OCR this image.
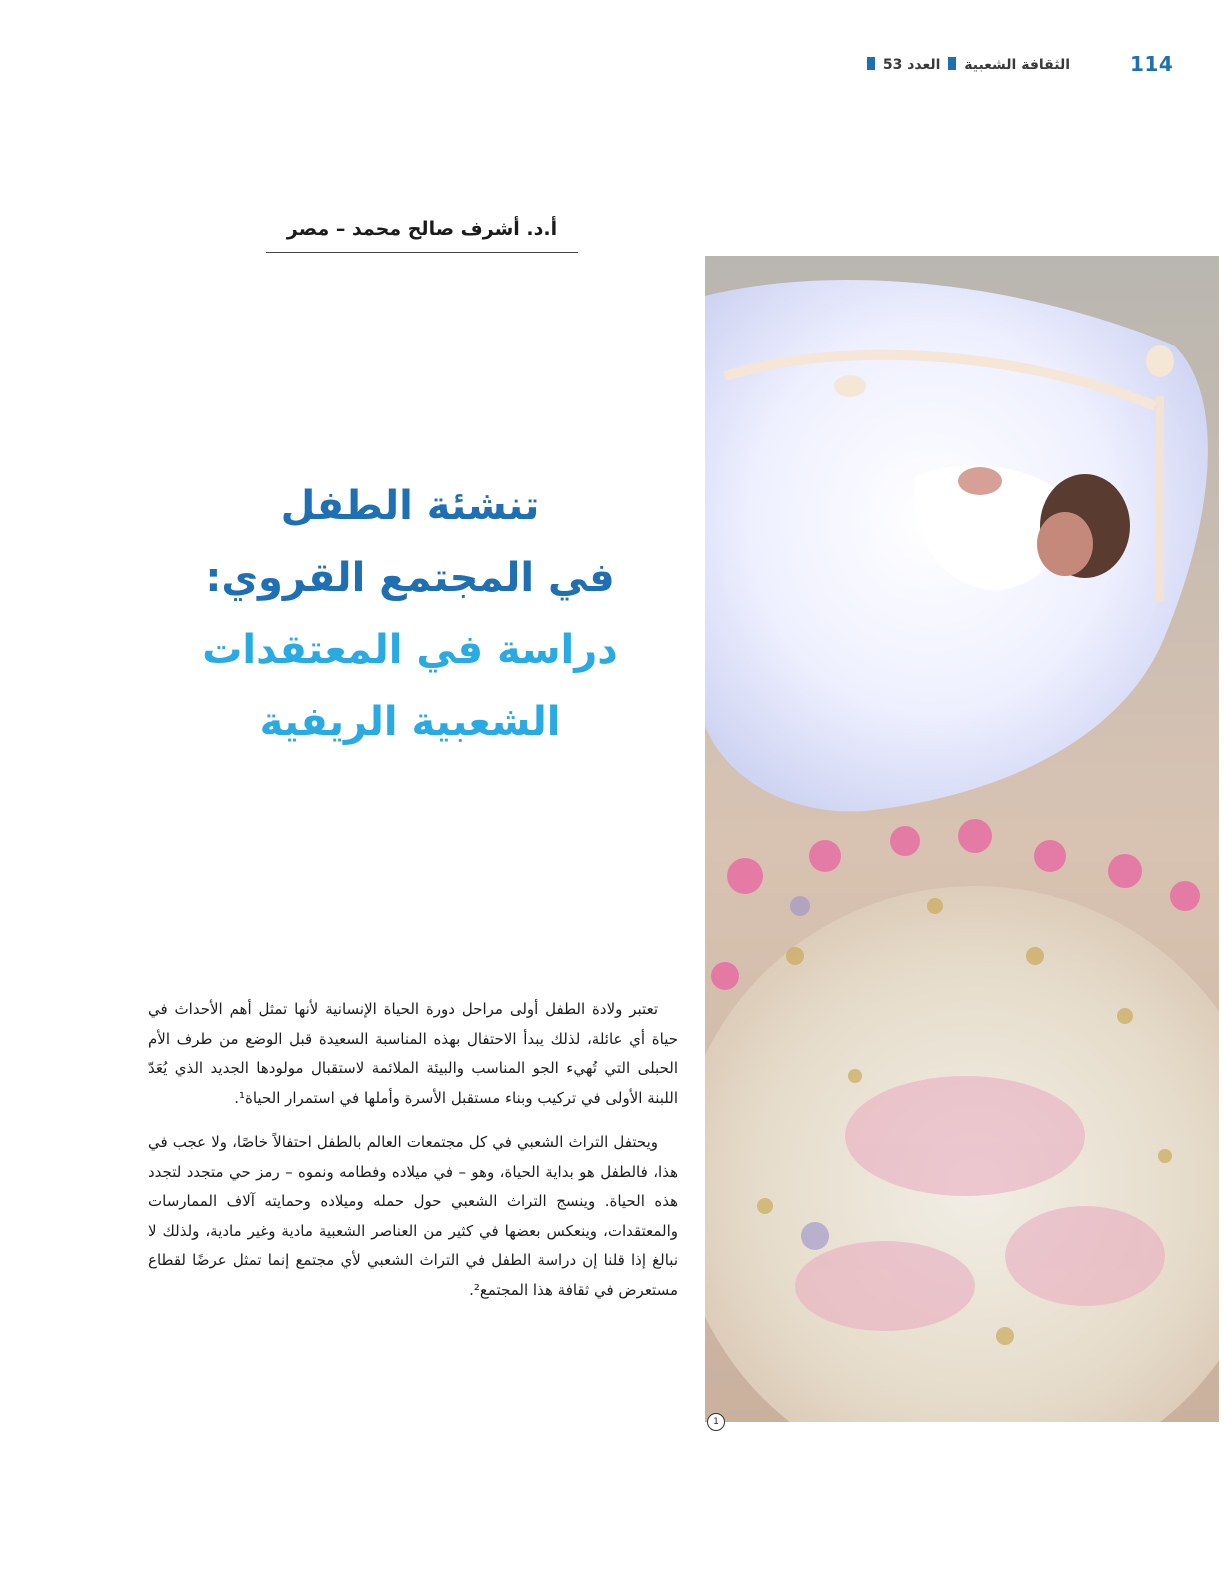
114
الثقافة الشعبية  العدد 53
أ.د. أشرف صالح محمد – مصر
تنشئة الطفل
في المجتمع القروي:
دراسة في المعتقدات
الشعبية الريفية

تعتبر ولادة الطفل أولى مراحل دورة الحياة الإنسانية لأنها تمثل أهم الأحداث في حياة أي عائلة، لذلك يبدأ الاحتفال بهذه المناسبة السعيدة قبل الوضع من طرف الأم الحبلى التي تُهيء الجو المناسب والبيئة الملائمة لاستقبال مولودها الجديد الذي يُعَدّ اللبنة الأولى في تركيب وبناء مستقبل الأسرة وأملها في استمرار الحياة¹.

ويحتفل التراث الشعبي في كل مجتمعات العالم بالطفل احتفالاً خاصًا، ولا عجب في هذا، فالطفل هو بداية الحياة، وهو – في ميلاده وفطامه ونموه – رمز حي متجدد لتجدد هذه الحياة. وينسج التراث الشعبي حول حمله وميلاده وحمايته آلاف الممارسات والمعتقدات، وينعكس بعضها في كثير من العناصر الشعبية مادية وغير مادية، ولذلك لا نبالغ إذا قلنا إن دراسة الطفل في التراث الشعبي لأي مجتمع إنما تمثل عرضًا لقطاع مستعرض في ثقافة هذا المجتمع².

1
